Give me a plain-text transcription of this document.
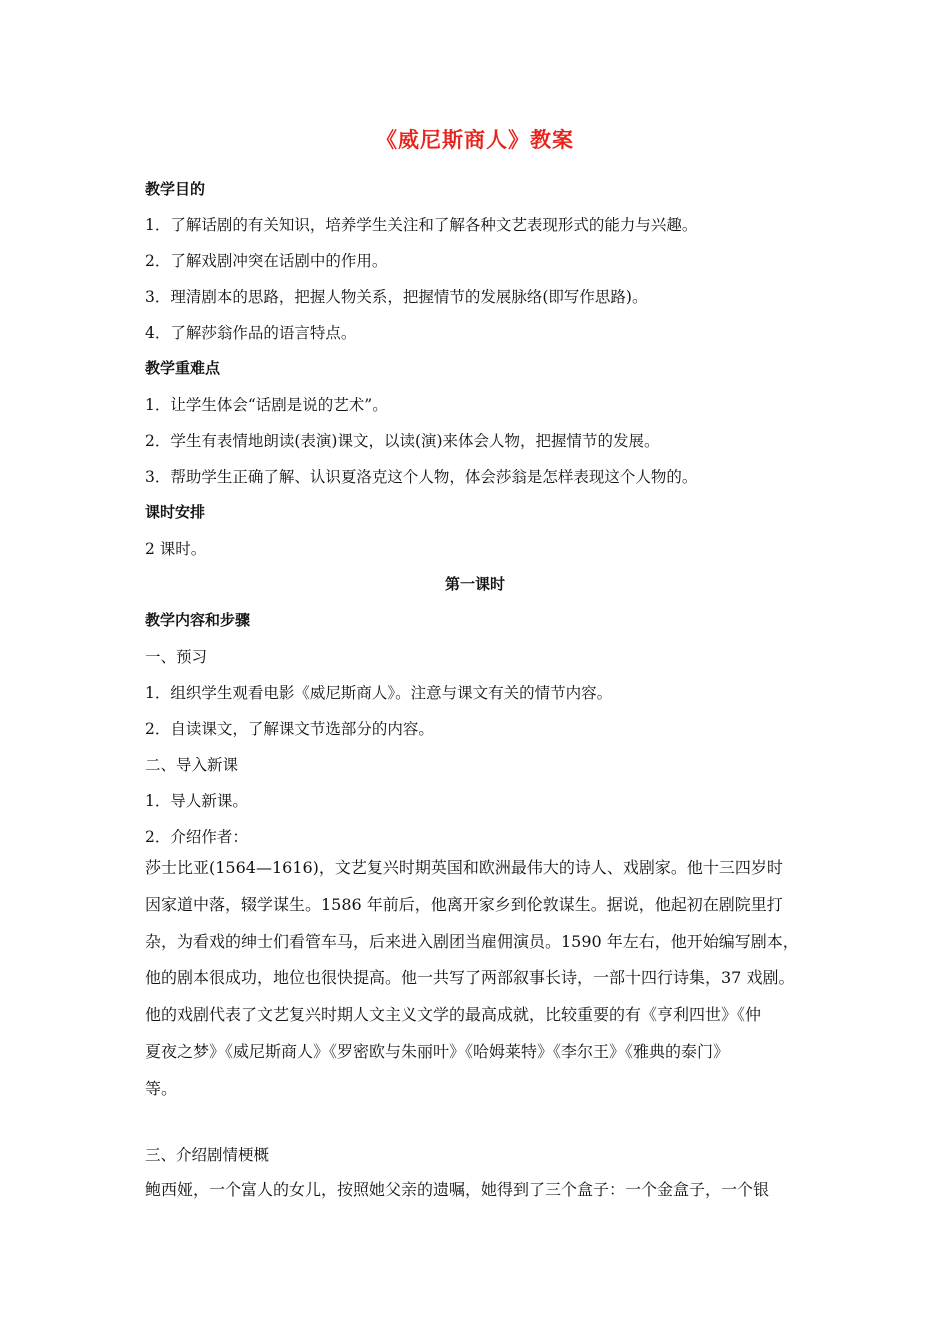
《威尼斯商人》教案
教学目的
1．了解话剧的有关知识，培养学生关注和了解各种文艺表现形式的能力与兴趣。
2．了解戏剧冲突在话剧中的作用。
3．理清剧本的思路，把握人物关系，把握情节的发展脉络(即写作思路)。
4．了解莎翁作品的语言特点。
教学重难点
1．让学生体会“话剧是说的艺术”。
2．学生有表情地朗读(表演)课文，以读(演)来体会人物，把握情节的发展。
3．帮助学生正确了解、认识夏洛克这个人物，体会莎翁是怎样表现这个人物的。
课时安排
2 课时。
第一课时
教学内容和步骤
一、预习
1．组织学生观看电影《威尼斯商人》。注意与课文有关的情节内容。
2．自读课文，了解课文节选部分的内容。
二、导入新课
1．导人新课。
2．介绍作者：
莎士比亚(1564—1616)，文艺复兴时期英国和欧洲最伟大的诗人、戏剧家。他十三四岁时
因家道中落，辍学谋生。1586 年前后，他离开家乡到伦敦谋生。据说，他起初在剧院里打
杂，为看戏的绅士们看管车马，后来进入剧团当雇佣演员。1590 年左右，他开始编写剧本，
他的剧本很成功，地位也很快提高。他一共写了两部叙事长诗，一部十四行诗集，37 戏剧。
他的戏剧代表了文艺复兴时期人文主义文学的最高成就，比较重要的有《亨利四世》《仲
夏夜之梦》《威尼斯商人》《罗密欧与朱丽叶》《哈姆莱特》《李尔王》《雅典的泰门》
等。
三、介绍剧情梗概
鲍西娅，一个富人的女儿，按照她父亲的遗嘱，她得到了三个盒子：一个金盒子，一个银
